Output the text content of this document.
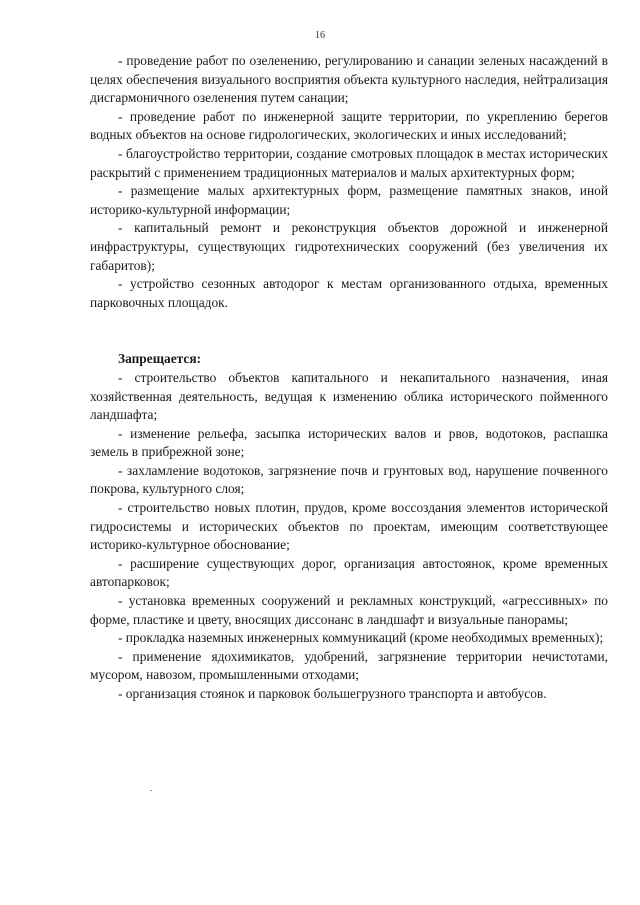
16

- проведение работ по озеленению, регулированию и санации зеленых насаждений в целях обеспечения визуального восприятия объекта культурного наследия, нейтрализация дисгармоничного озеленения путем санации;

- проведение работ по инженерной защите территории, по укреплению берегов водных объектов на основе гидрологических, экологических и иных исследований;

- благоустройство территории, создание смотровых площадок в местах исторических раскрытий с применением традиционных материалов и малых архитектурных форм;

- размещение малых архитектурных форм, размещение памятных знаков, иной историко-культурной информации;

- капитальный ремонт и реконструкция объектов дорожной и инженерной инфраструктуры, существующих гидротехнических сооружений (без увеличения их габаритов);

- устройство сезонных автодорог к местам организованного отдыха, временных парковочных площадок.

Запрещается:

- строительство объектов капитального и некапитального назначения, иная хозяйственная деятельность, ведущая к изменению облика исторического пойменного ландшафта;

- изменение рельефа, засыпка исторических валов и рвов, водотоков, распашка земель в прибрежной зоне;

- захламление водотоков, загрязнение почв и грунтовых вод, нарушение почвенного покрова, культурного слоя;

- строительство новых плотин, прудов, кроме воссоздания элементов исторической гидросистемы и исторических объектов по проектам, имеющим соответствующее историко-культурное обоснование;

- расширение существующих дорог, организация автостоянок, кроме временных автопарковок;

- установка временных сооружений и рекламных конструкций, «агрессивных» по форме, пластике и цвету, вносящих диссонанс в ландшафт и визуальные панорамы;

- прокладка наземных инженерных коммуникаций (кроме необходимых временных);

- применение ядохимикатов, удобрений, загрязнение территории нечистотами, мусором, навозом, промышленными отходами;

- организация стоянок и парковок большегрузного транспорта и автобусов.
